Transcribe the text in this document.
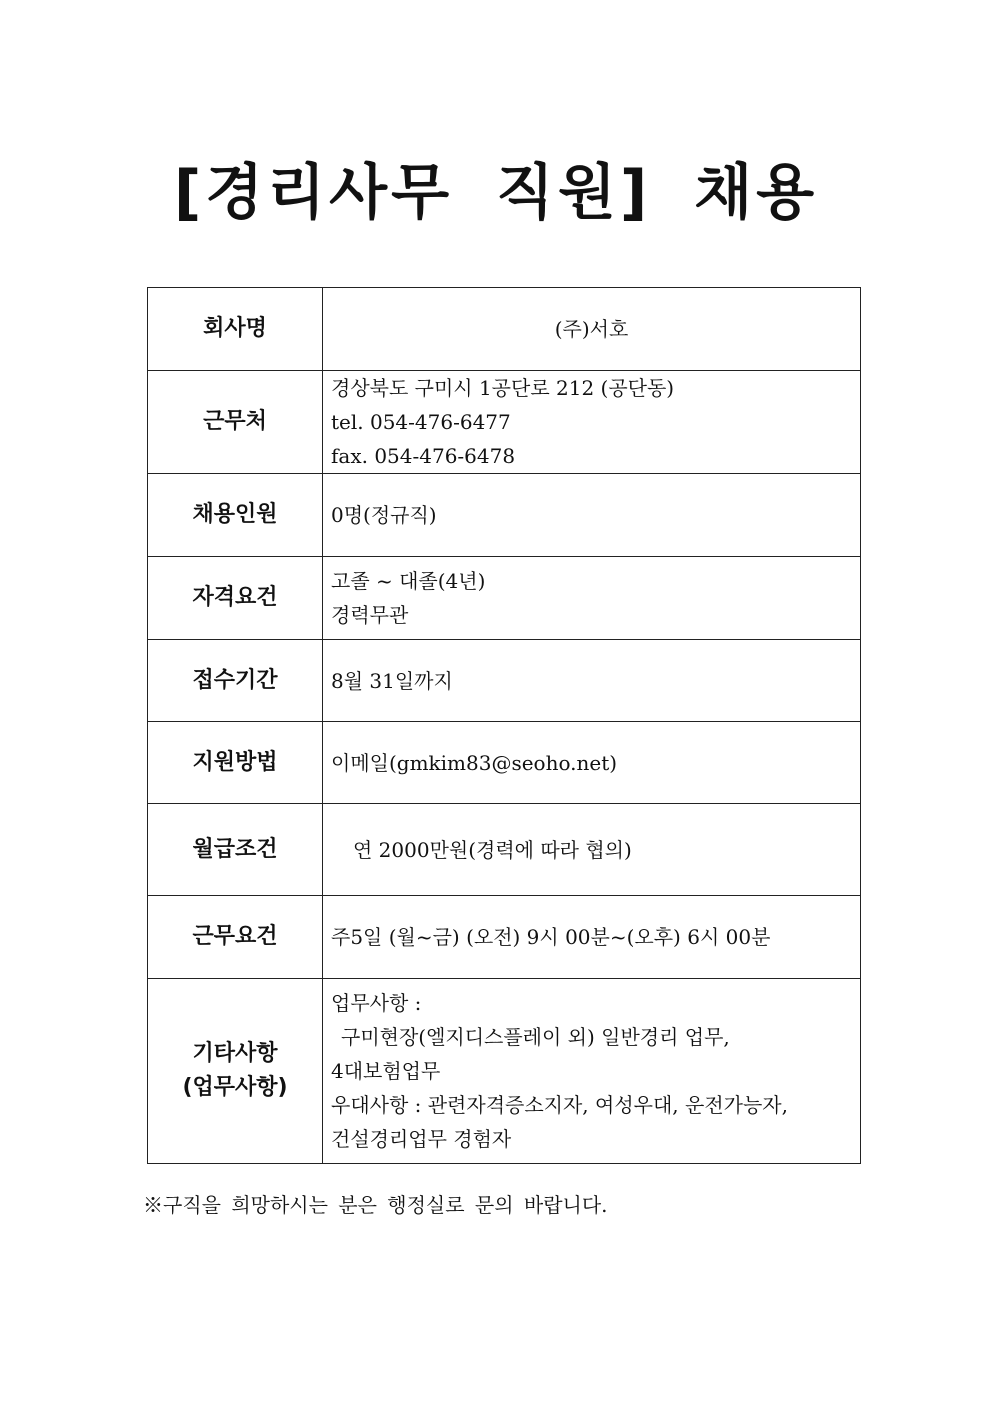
[경리사무 직원] 채용
회사명	(주)서호
근무처	경상북도 구미시 1공단로 212 (공단동)
tel. 054-476-6477
fax. 054-476-6478

채용인원	0명(정규직)
자격요건	고졸 ~ 대졸(4년)
경력무관

접수기간	8월 31일까지
지원방법	이메일(gmkim83@seoho.net)
월급조건	연 2000만원(경력에 따라 협의)

근무요건	주5일 (월~금) (오전) 9시 00분~(오후) 6시 00분

기타사항
(업무사항)	업무사항 :
구미현장(엘지디스플레이 외) 일반경리 업무,
4대보험업무
우대사항 : 관련자격증소지자, 여성우대, 운전가능자,
건설경리업무 경험자
※구직을 희망하시는 분은 행정실로 문의 바랍니다.
